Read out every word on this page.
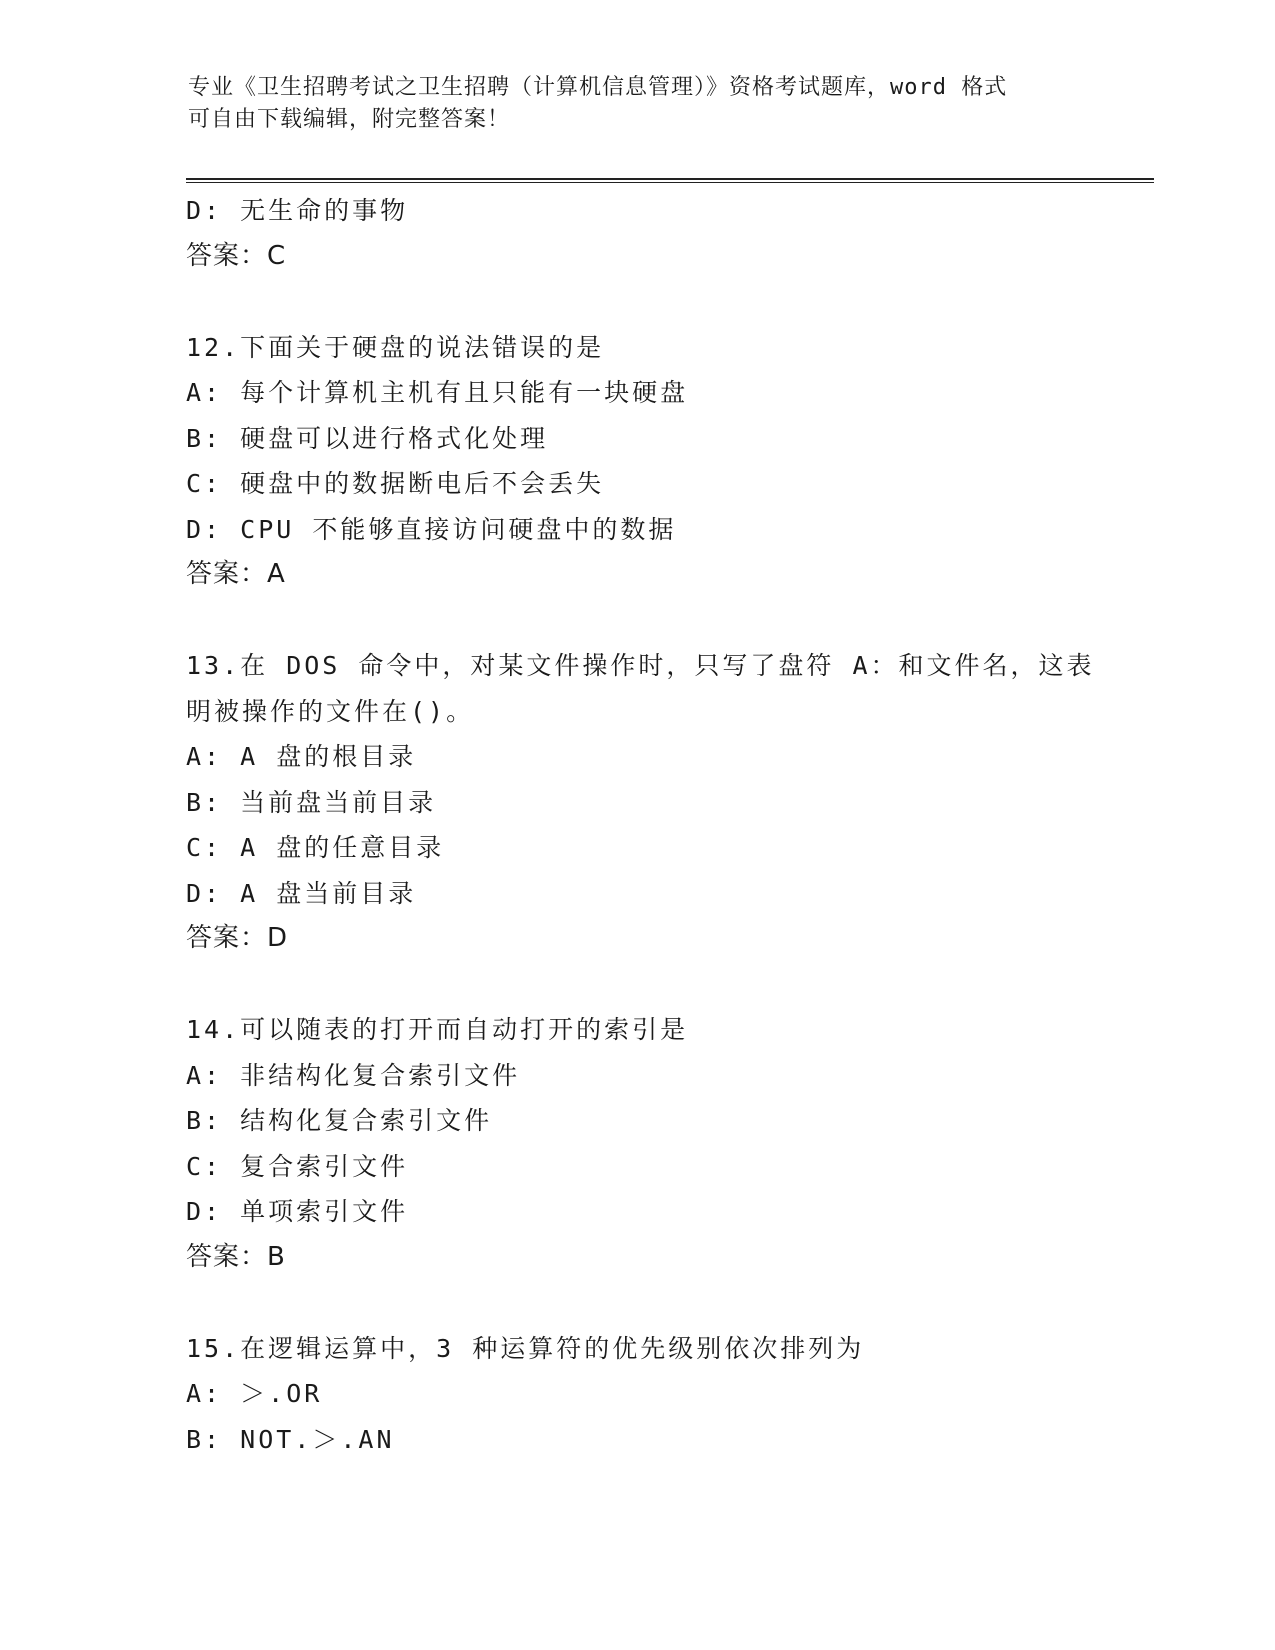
专业《卫生招聘考试之卫生招聘（计算机信息管理）》资格考试题库，word 格式
可自由下载编辑，附完整答案！
D: 无生命的事物
答案：C
12.下面关于硬盘的说法错误的是
A: 每个计算机主机有且只能有一块硬盘
B: 硬盘可以进行格式化处理
C: 硬盘中的数据断电后不会丢失
D: CPU 不能够直接访问硬盘中的数据
答案：A
13.在 DOS 命令中，对某文件操作时，只写了盘符 A：和文件名，这表
明被操作的文件在()。
A: A 盘的根目录
B: 当前盘当前目录
C: A 盘的任意目录
D: A 盘当前目录
答案：D
14.可以随表的打开而自动打开的索引是
A: 非结构化复合索引文件
B: 结构化复合索引文件
C: 复合索引文件
D: 单项索引文件
答案：B
15.在逻辑运算中，3 种运算符的优先级别依次排列为
A: ＞.OR
B: NOT.＞.AN
